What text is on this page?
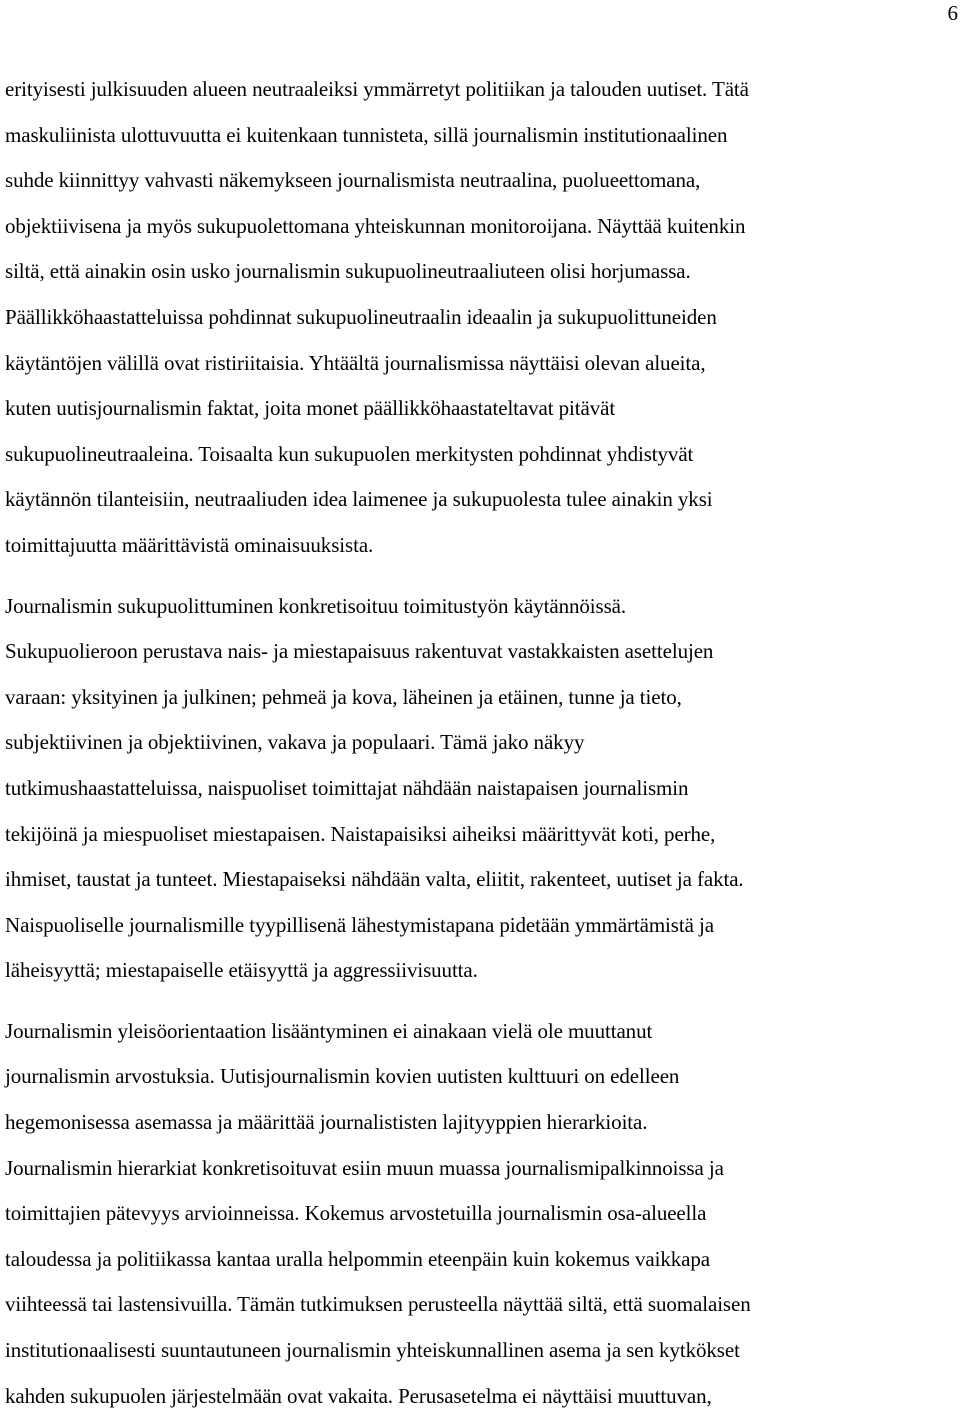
6
erityisesti julkisuuden alueen neutraaleiksi ymmärretyt politiikan ja talouden uutiset. Tätä
maskuliinista ulottuvuutta ei kuitenkaan tunnisteta, sillä journalismin institutionaalinen
suhde kiinnittyy vahvasti näkemykseen journalismista neutraalina, puolueettomana,
objektiivisena ja myös sukupuolettomana yhteiskunnan monitoroijana. Näyttää kuitenkin
siltä, että ainakin osin usko journalismin sukupuolineutraaliuteen olisi horjumassa.
Päällikköhaastatteluissa pohdinnat sukupuolineutraalin ideaalin ja sukupuolittuneiden
käytäntöjen välillä ovat ristiriitaisia. Yhtäältä journalismissa näyttäisi olevan alueita,
kuten uutisjournalismin faktat, joita monet päällikköhaastateltavat pitävät
sukupuolineutraaleina. Toisaalta kun sukupuolen merkitysten pohdinnat yhdistyvät
käytännön tilanteisiin, neutraaliuden idea laimenee ja sukupuolesta tulee ainakin yksi
toimittajuutta määrittävistä ominaisuuksista.
Journalismin sukupuolittuminen konkretisoituu toimitustyön käytännöissä.
Sukupuolieroon perustava nais- ja miestapaisuus rakentuvat vastakkaisten asettelujen
varaan: yksityinen ja julkinen; pehmeä ja kova, läheinen ja etäinen, tunne ja tieto,
subjektiivinen ja objektiivinen, vakava ja populaari. Tämä jako näkyy
tutkimushaastatteluissa, naispuoliset toimittajat nähdään naistapaisen journalismin
tekijöinä ja miespuoliset miestapaisen. Naistapaisiksi aiheiksi määrittyvät koti, perhe,
ihmiset, taustat ja tunteet. Miestapaiseksi nähdään valta, eliitit, rakenteet, uutiset ja fakta.
Naispuoliselle journalismille tyypillisenä lähestymistapana pidetään ymmärtämistä ja
läheisyyttä; miestapaiselle etäisyyttä ja aggressiivisuutta.
Journalismin yleisöorientaation lisääntyminen ei ainakaan vielä ole muuttanut
journalismin arvostuksia. Uutisjournalismin kovien uutisten kulttuuri on edelleen
hegemonisessa asemassa ja määrittää journalististen lajityyppien hierarkioita.
Journalismin hierarkiat konkretisoituvat esiin muun muassa journalismipalkinnoissa ja
toimittajien pätevyys arvioinneissa. Kokemus arvostetuilla journalismin osa-alueella
taloudessa ja politiikassa kantaa uralla helpommin eteenpäin kuin kokemus vaikkapa
viihteessä tai lastensivuilla. Tämän tutkimuksen perusteella näyttää siltä, että suomalaisen
institutionaalisesti suuntautuneen journalismin yhteiskunnallinen asema ja sen kytkökset
kahden sukupuolen järjestelmään ovat vakaita. Perusasetelma ei näyttäisi muuttuvan,
